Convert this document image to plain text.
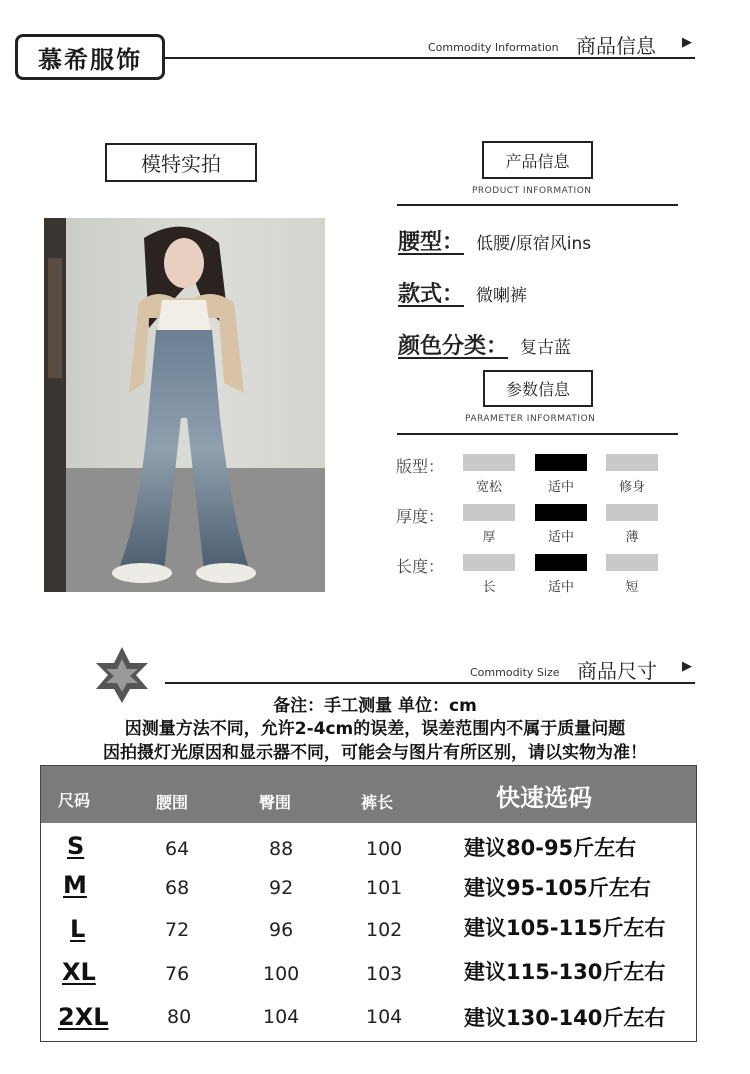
慕希服饰	Commodity Information 商品信息 ▶
模特实拍	产品信息
PRODUCT INFORMATION
腰型： 低腰/原宿风ins
款式： 微喇裤
颜色分类： 复古蓝
参数信息
PARAMETER INFORMATION
版型：
宽松	适中	修身
厚度：
厚	适中	薄
长度：
长	适中	短
Commodity Size 商品尺寸 ▶
备注：手工测量 单位：cm
因测量方法不同，允许2-4cm的误差，误差范围内不属于质量问题
因拍摄灯光原因和显示器不同，可能会与图片有所区别，请以实物为准！
尺码	腰围	臀围	裤长	快速选码
S	64	88	100	建议80-95斤左右
M	68	92	101	建议95-105斤左右
L	72	96	102	建议105-115斤左右
XL	76	100	103	建议115-130斤左右
2XL	80	104	104	建议130-140斤左右
